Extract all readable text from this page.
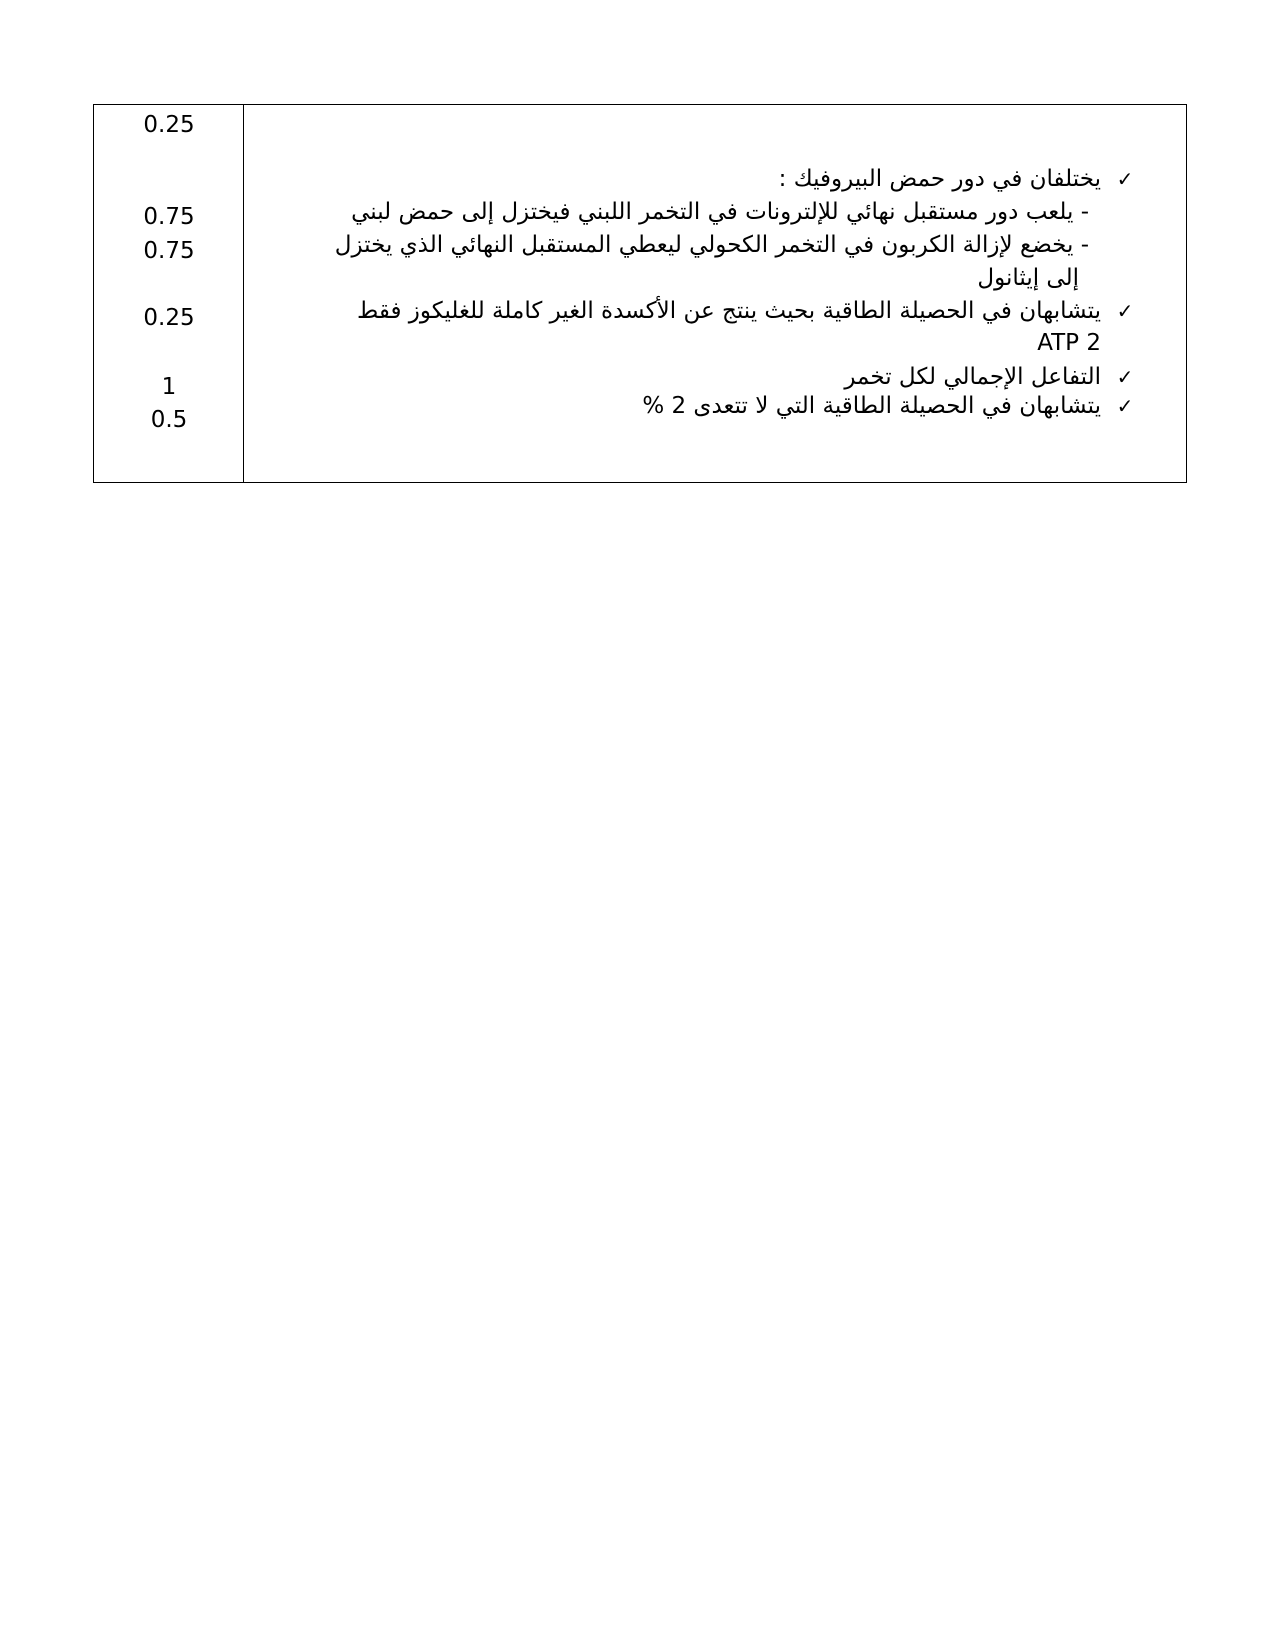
0.25
0.75
0.75
0.25
1
0.5
✓
يختلفان في دور حمض البيروفيك :
- يلعب دور مستقبل نهائي للإلترونات في التخمر اللبني فيختزل إلى حمض لبني
- يخضع لإزالة الكربون في التخمر الكحولي ليعطي المستقبل النهائي الذي يختزل
إلى إيثانول
✓
يتشابهان في الحصيلة الطاقية بحيث ينتج عن الأكسدة الغير كاملة للغليكوز فقط
ATP 2
✓
التفاعل الإجمالي لكل تخمر
✓
يتشابهان في الحصيلة الطاقية التي لا تتعدى 2 %
